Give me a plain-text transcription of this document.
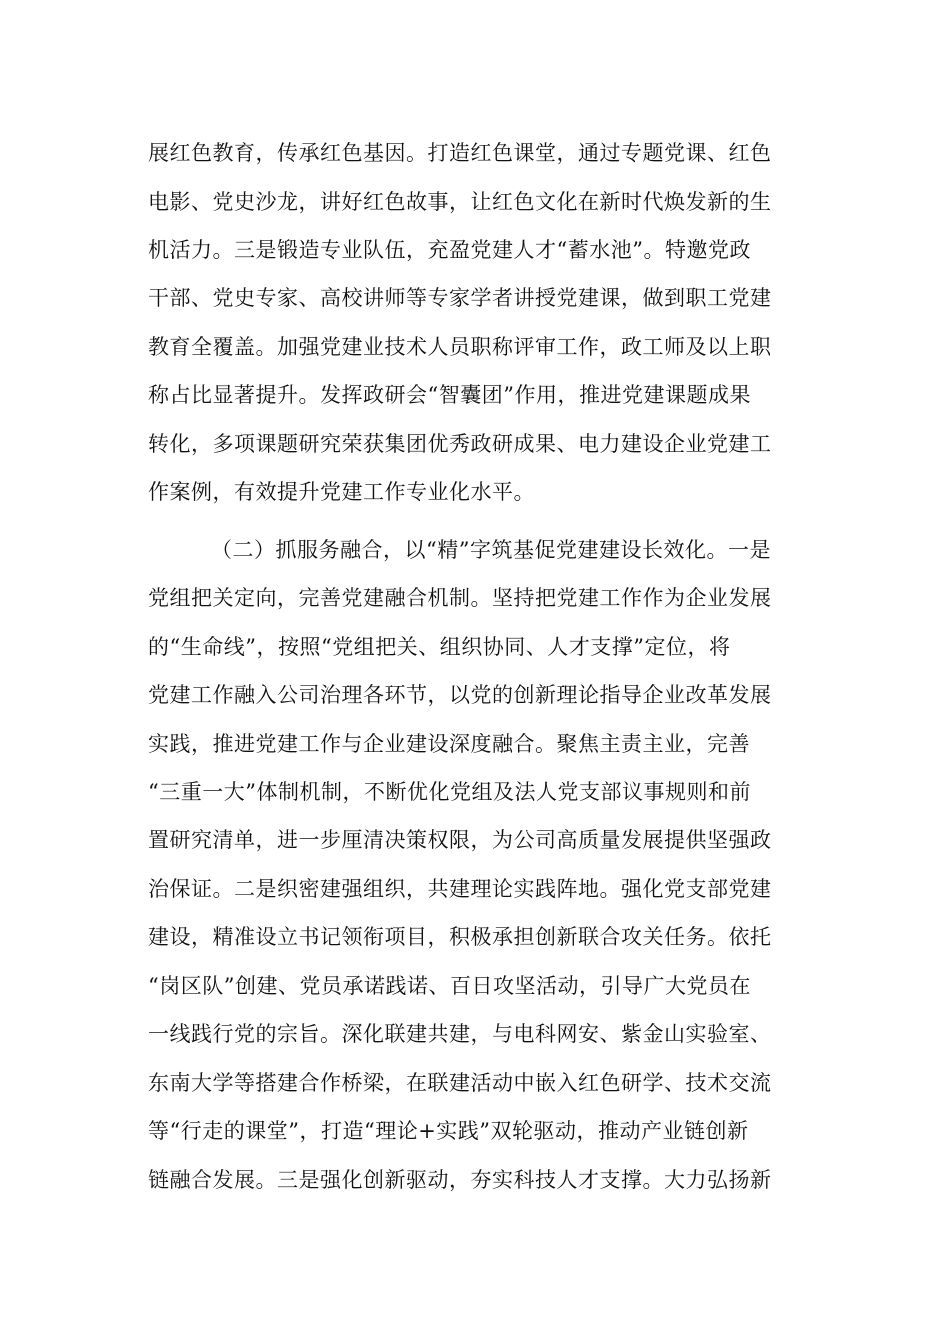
展红色教育，传承红色基因。打造红色课堂，通过专题党课、红色
电影、党史沙龙，讲好红色故事，让红色文化在新时代焕发新的生
机活力。三是锻造专业队伍，充盈党建人才“蓄水池”。特邀党政
干部、党史专家、高校讲师等专家学者讲授党建课，做到职工党建
教育全覆盖。加强党建业技术人员职称评审工作，政工师及以上职
称占比显著提升。发挥政研会“智囊团”作用，推进党建课题成果
转化，多项课题研究荣获集团优秀政研成果、电力建设企业党建工
作案例，有效提升党建工作专业化水平。
（二）抓服务融合，以“精”字筑基促党建建设长效化。一是
党组把关定向，完善党建融合机制。坚持把党建工作作为企业发展
的“生命线”，按照“党组把关、组织协同、人才支撑”定位，将
党建工作融入公司治理各环节，以党的创新理论指导企业改革发展
实践，推进党建工作与企业建设深度融合。聚焦主责主业，完善
“三重一大”体制机制，不断优化党组及法人党支部议事规则和前
置研究清单，进一步厘清决策权限，为公司高质量发展提供坚强政
治保证。二是织密建强组织，共建理论实践阵地。强化党支部党建
建设，精准设立书记领衔项目，积极承担创新联合攻关任务。依托
“岗区队”创建、党员承诺践诺、百日攻坚活动，引导广大党员在
一线践行党的宗旨。深化联建共建，与电科网安、紫金山实验室、
东南大学等搭建合作桥梁，在联建活动中嵌入红色研学、技术交流
等“行走的课堂”，打造“理论+实践”双轮驱动，推动产业链创新
链融合发展。三是强化创新驱动，夯实科技人才支撑。大力弘扬新
